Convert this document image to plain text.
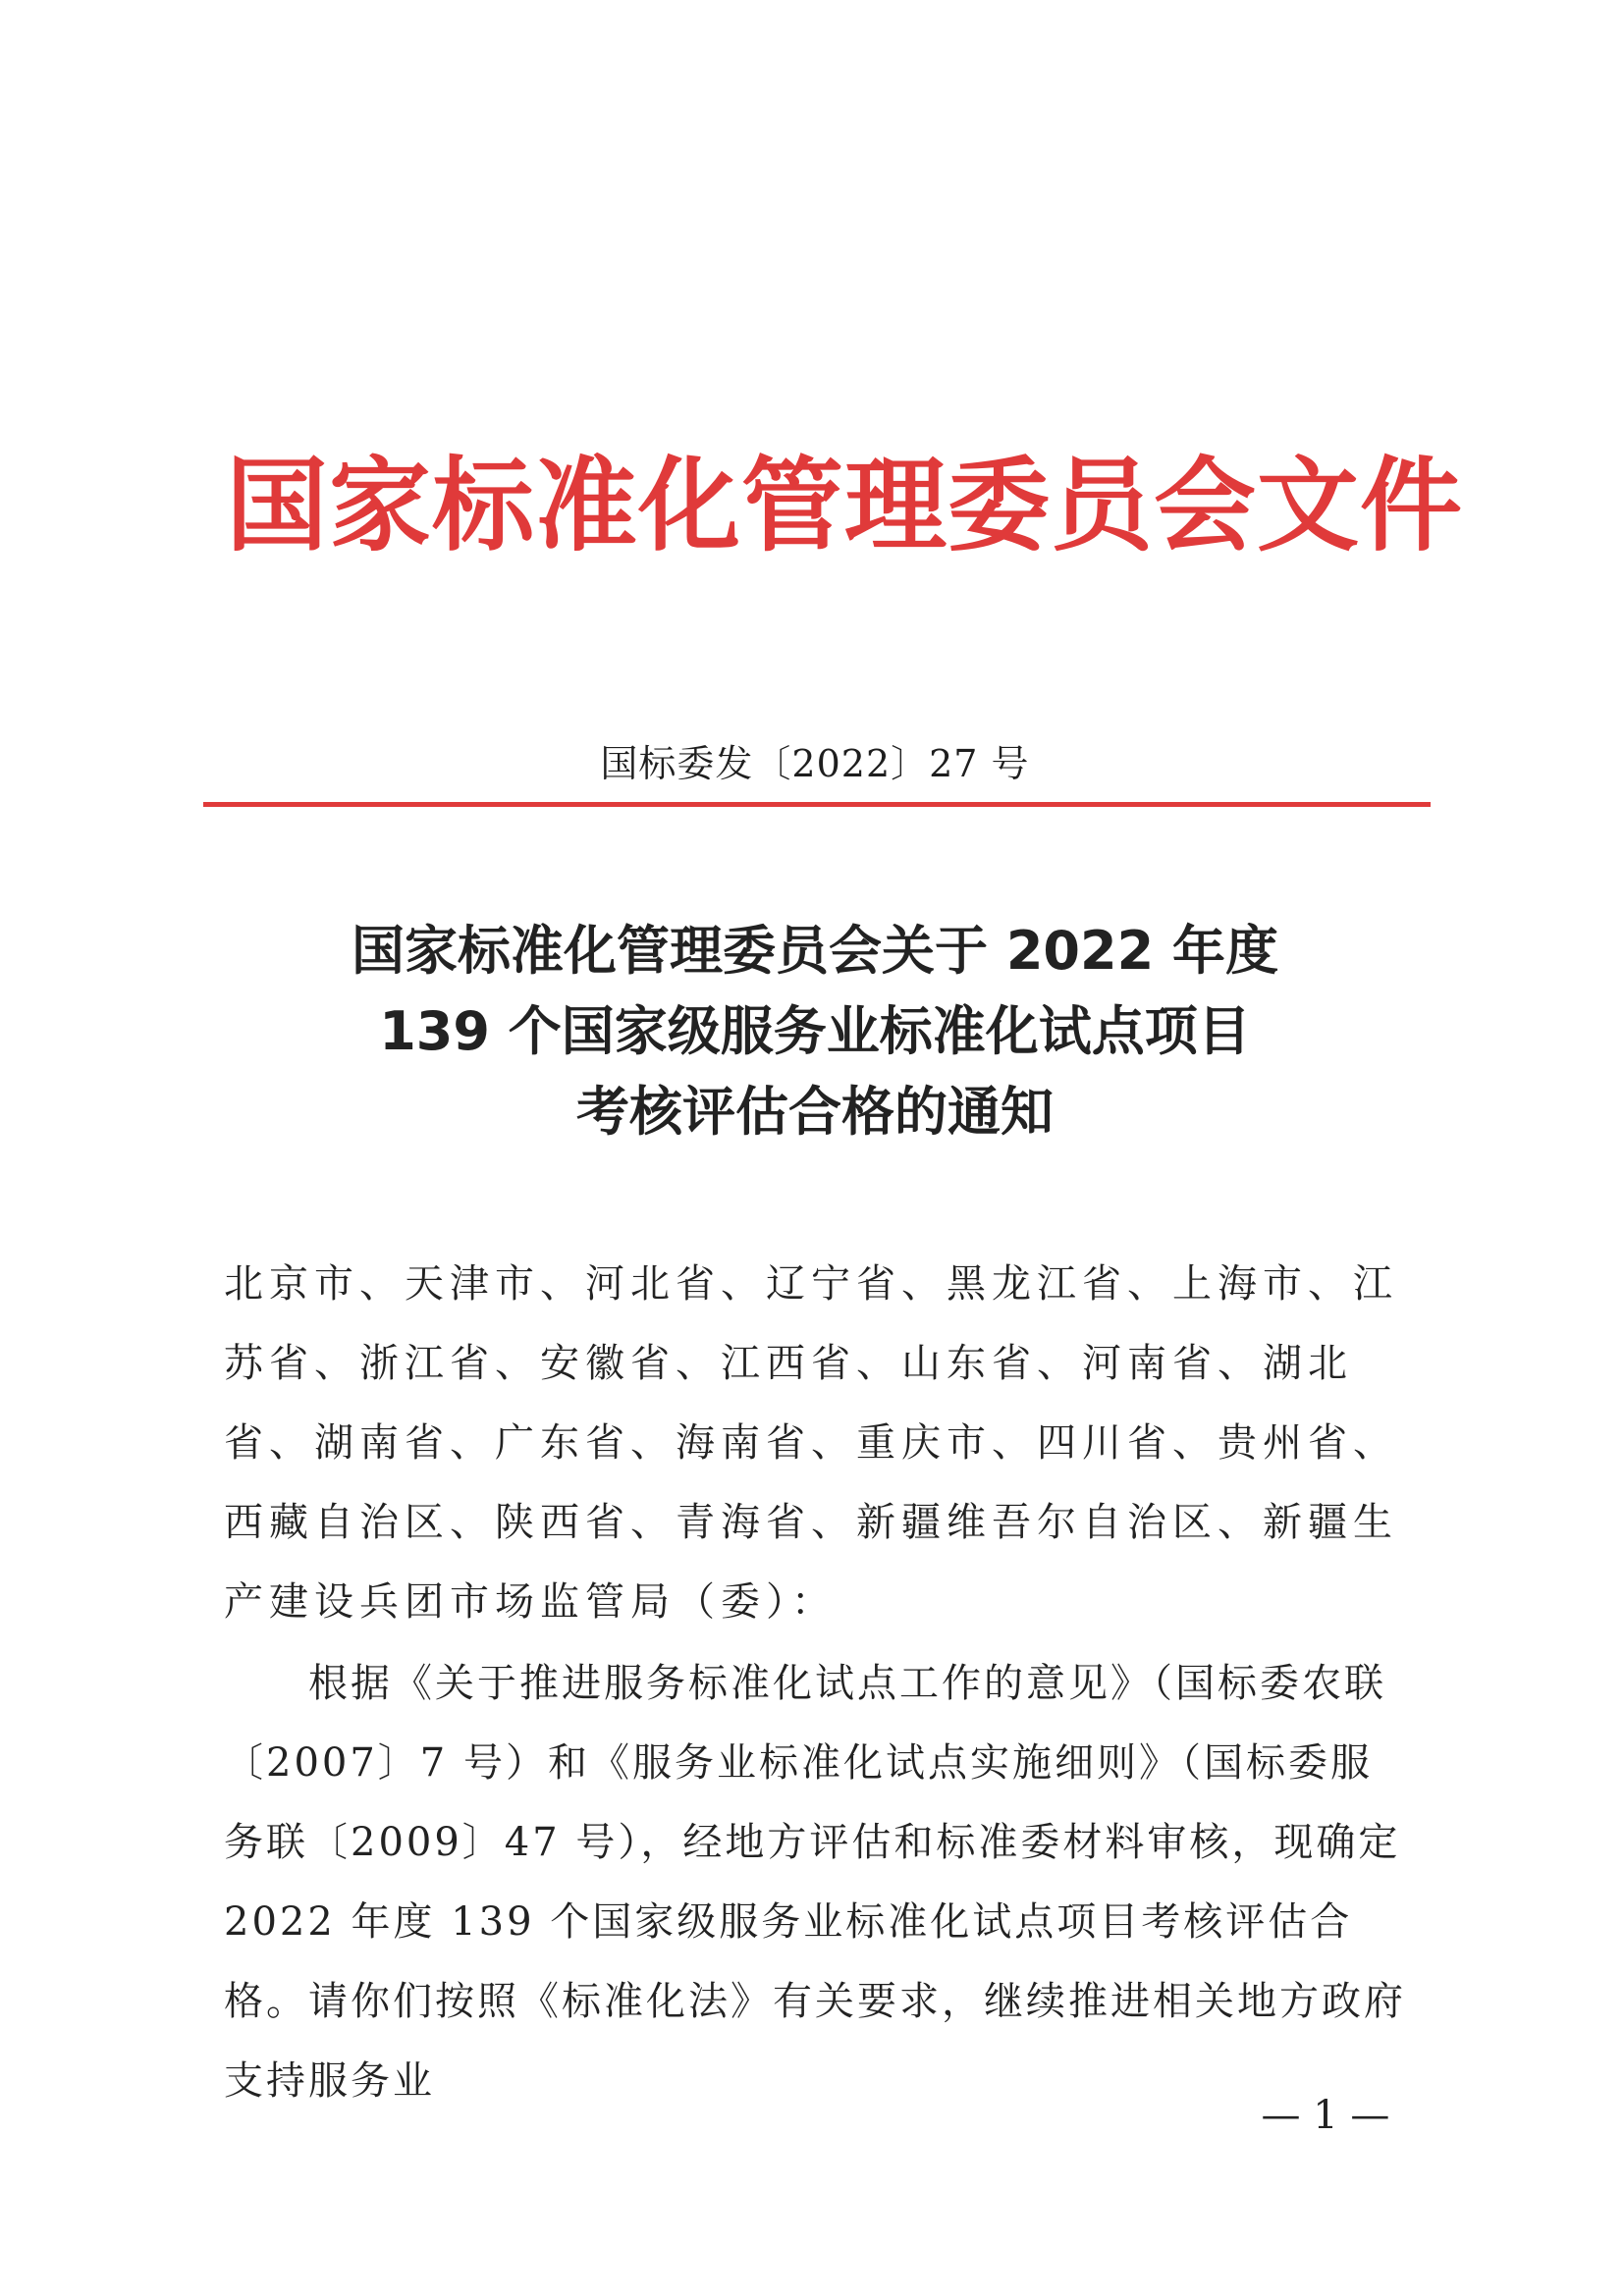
国家标准化管理委员会文件
国标委发〔2022〕27 号
国家标准化管理委员会关于 2022 年度
139 个国家级服务业标准化试点项目
考核评估合格的通知
北京市、天津市、河北省、辽宁省、黑龙江省、上海市、江苏省、浙江省、安徽省、江西省、山东省、河南省、湖北省、湖南省、广东省、海南省、重庆市、四川省、贵州省、西藏自治区、陕西省、青海省、新疆维吾尔自治区、新疆生产建设兵团市场监管局（委）：
根据《关于推进服务标准化试点工作的意见》（国标委农联〔2007〕7 号）和《服务业标准化试点实施细则》（国标委服务联〔2009〕47 号），经地方评估和标准委材料审核，现确定 2022 年度 139 个国家级服务业标准化试点项目考核评估合格。请你们按照《标准化法》有关要求，继续推进相关地方政府支持服务业
— 1 —
